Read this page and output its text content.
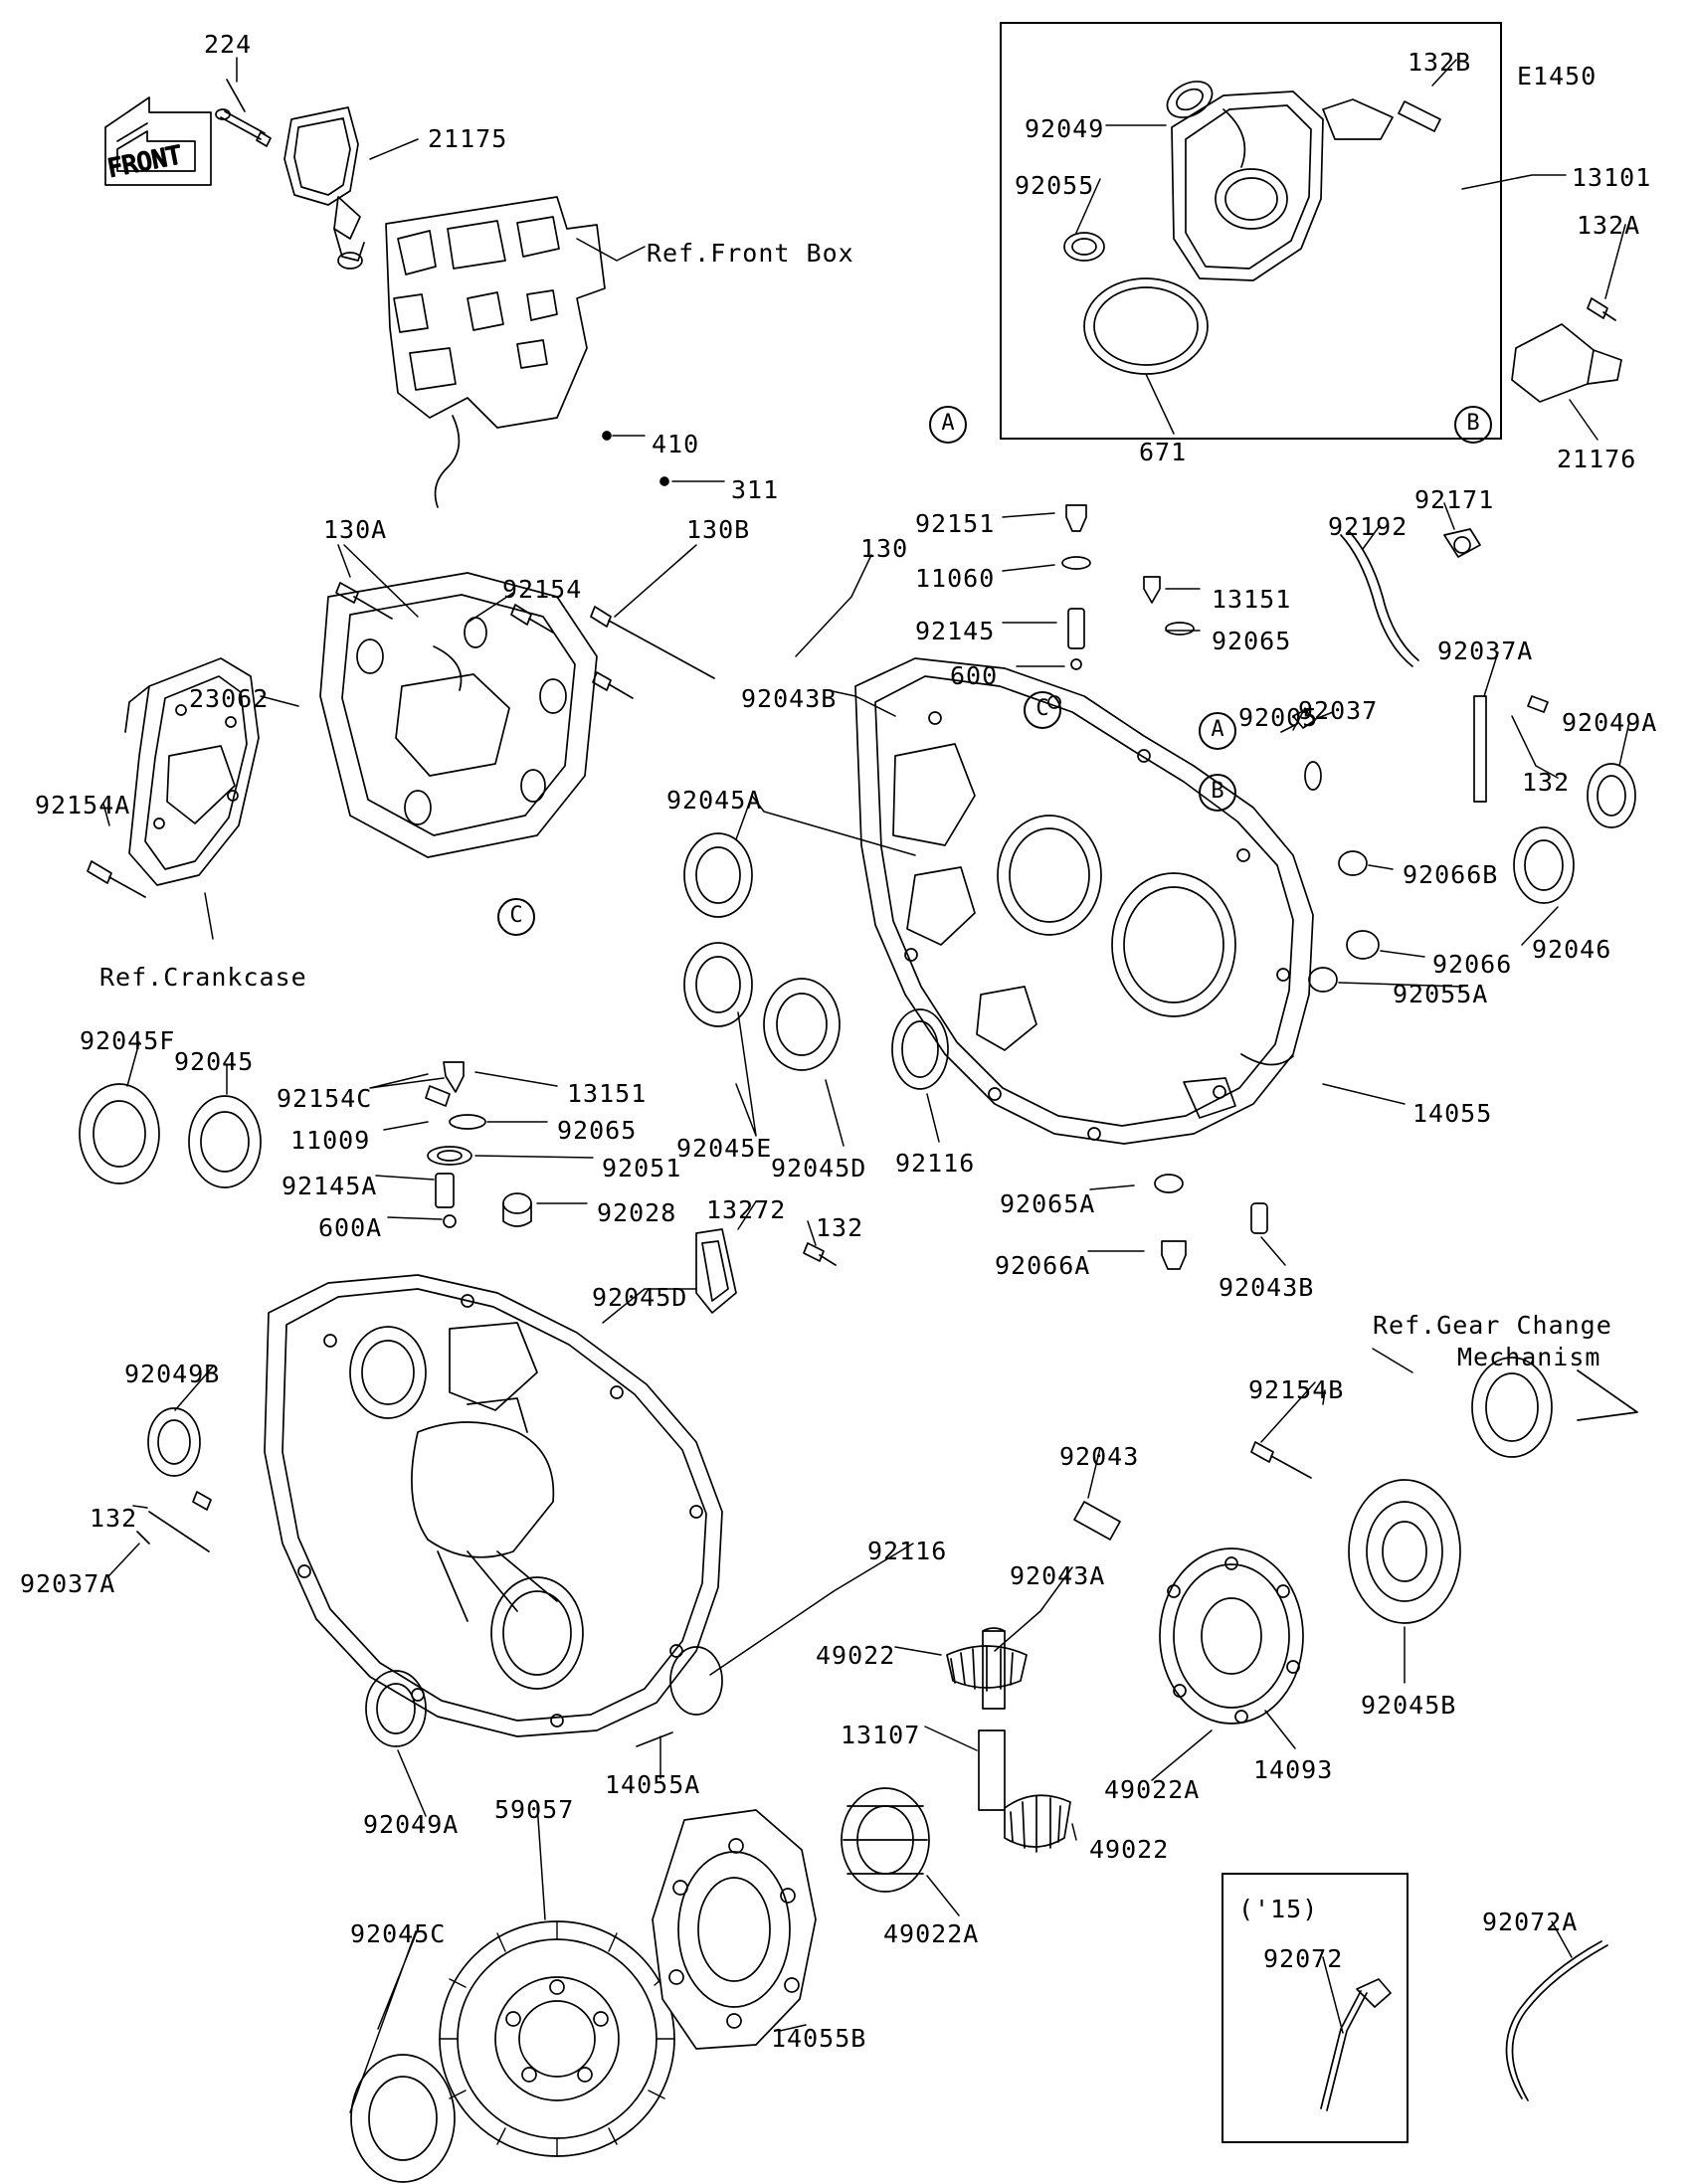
FRONT
A	B
C
C
A
B
224
21175
Ref.Front Box
410
311
130A
92154
130B
130
23062
92154A
Ref.Crankcase
92151
11060
13151
92145	92065
600
92043B
92192
92171
92037
92005
92037A
132
92049A
92066B
92046
92066
92055A
92045A
92045E
92045D 92116
14055
92065A
92066A
92043B
92045F
92045
92154C	13151
11009	92065
92051
92145A
92028
600A
13272
132
92045D
92049B
132
92037A
92116
Ref.Gear Change
Mechanism
92154B
92043
92045B
14093
49022
92043A
13107
49022A
49022
49022A
92049A
59057
14055A
14055B
92045C
92049
92055
671
132B E1450
13101
132A
21176
92072
92072A
('15)
